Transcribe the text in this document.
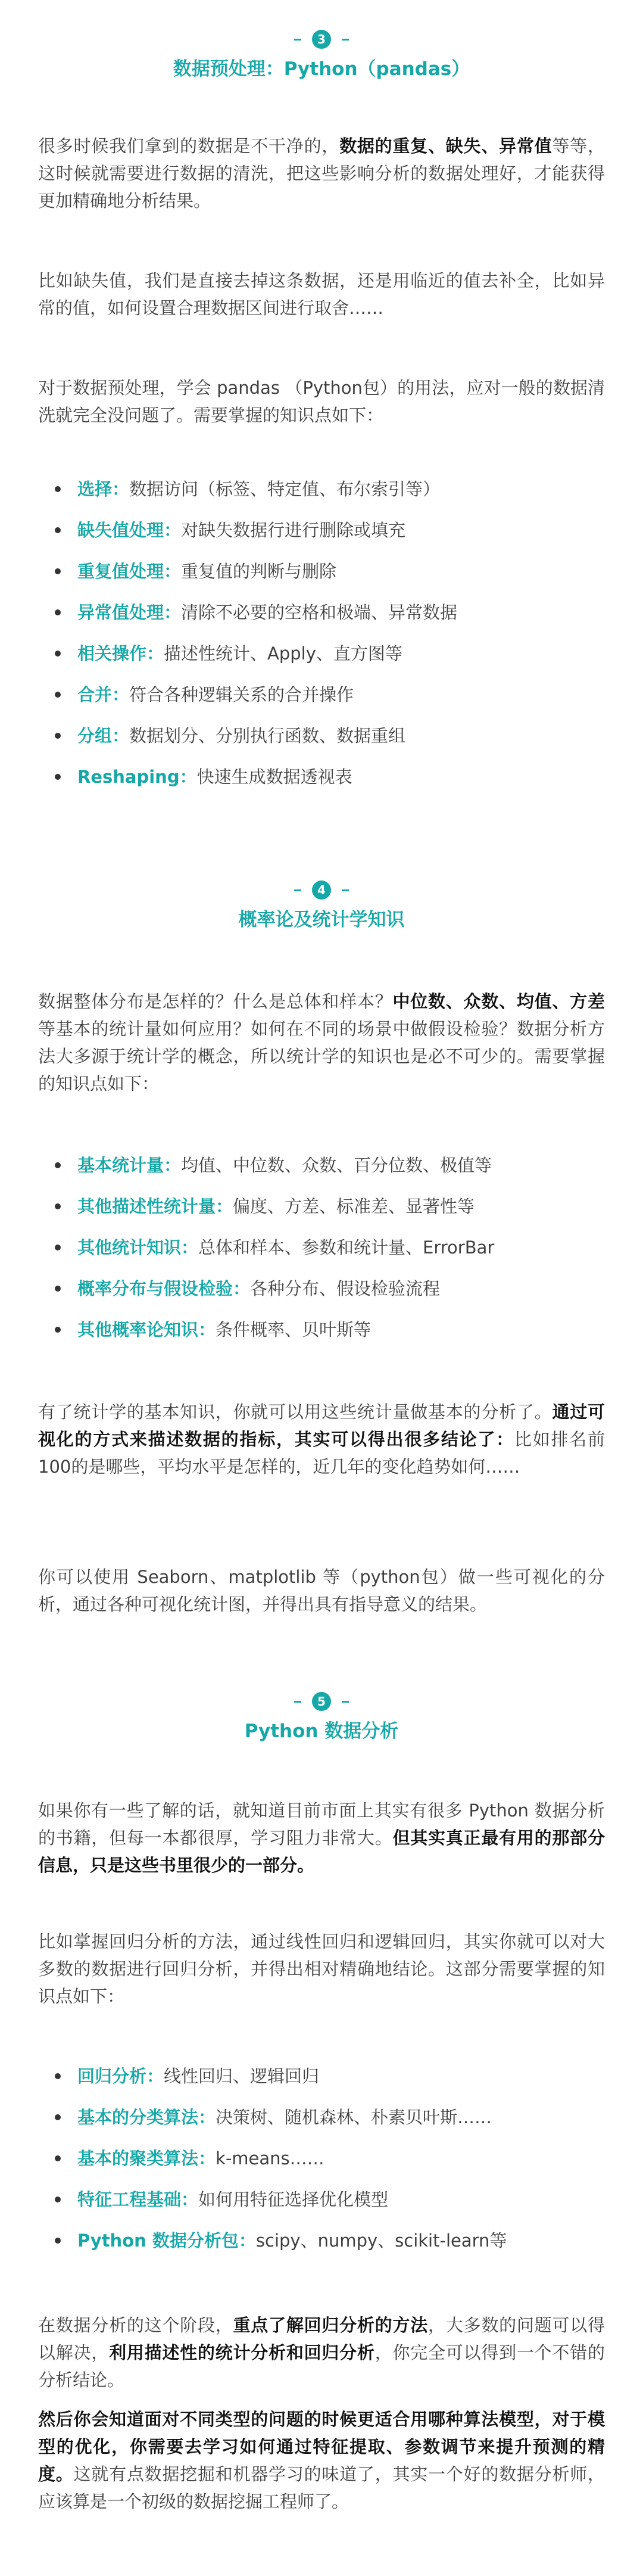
3
数据预处理：Python（pandas）

很多时候我们拿到的数据是不干净的，数据的重复、缺失、异常值等等，这时候就需要进行数据的清洗，把这些影响分析的数据处理好，才能获得更加精确地分析结果。

比如缺失值，我们是直接去掉这条数据，还是用临近的值去补全，比如异常的值，如何设置合理数据区间进行取舍……

对于数据预处理，学会 pandas （Python包）的用法，应对一般的数据清洗就完全没问题了。需要掌握的知识点如下：

选择：数据访问（标签、特定值、布尔索引等）
缺失值处理：对缺失数据行进行删除或填充
重复值处理：重复值的判断与删除
异常值处理：清除不必要的空格和极端、异常数据
相关操作：描述性统计、Apply、直方图等
合并：符合各种逻辑关系的合并操作
分组：数据划分、分别执行函数、数据重组
Reshaping：快速生成数据透视表
4
概率论及统计学知识

数据整体分布是怎样的？什么是总体和样本？中位数、众数、均值、方差等基本的统计量如何应用？如何在不同的场景中做假设检验？数据分析方法大多源于统计学的概念，所以统计学的知识也是必不可少的。需要掌握的知识点如下：

基本统计量：均值、中位数、众数、百分位数、极值等
其他描述性统计量：偏度、方差、标准差、显著性等
其他统计知识：总体和样本、参数和统计量、ErrorBar
概率分布与假设检验：各种分布、假设检验流程
其他概率论知识：条件概率、贝叶斯等

有了统计学的基本知识，你就可以用这些统计量做基本的分析了。通过可视化的方式来描述数据的指标，其实可以得出很多结论了：比如排名前100的是哪些，平均水平是怎样的，近几年的变化趋势如何……

你可以使用 Seaborn、matplotlib 等（python包）做一些可视化的分析，通过各种可视化统计图，并得出具有指导意义的结果。

5
Python 数据分析

如果你有一些了解的话，就知道目前市面上其实有很多 Python 数据分析的书籍，但每一本都很厚，学习阻力非常大。但其实真正最有用的那部分信息，只是这些书里很少的一部分。

比如掌握回归分析的方法，通过线性回归和逻辑回归，其实你就可以对大多数的数据进行回归分析，并得出相对精确地结论。这部分需要掌握的知识点如下：

回归分析：线性回归、逻辑回归
基本的分类算法：决策树、随机森林、朴素贝叶斯……
基本的聚类算法：k-means……
特征工程基础：如何用特征选择优化模型
Python 数据分析包：scipy、numpy、scikit-learn等

在数据分析的这个阶段，重点了解回归分析的方法，大多数的问题可以得以解决，利用描述性的统计分析和回归分析，你完全可以得到一个不错的分析结论。

然后你会知道面对不同类型的问题的时候更适合用哪种算法模型，对于模型的优化，你需要去学习如何通过特征提取、参数调节来提升预测的精度。这就有点数据挖掘和机器学习的味道了，其实一个好的数据分析师，应该算是一个初级的数据挖掘工程师了。
